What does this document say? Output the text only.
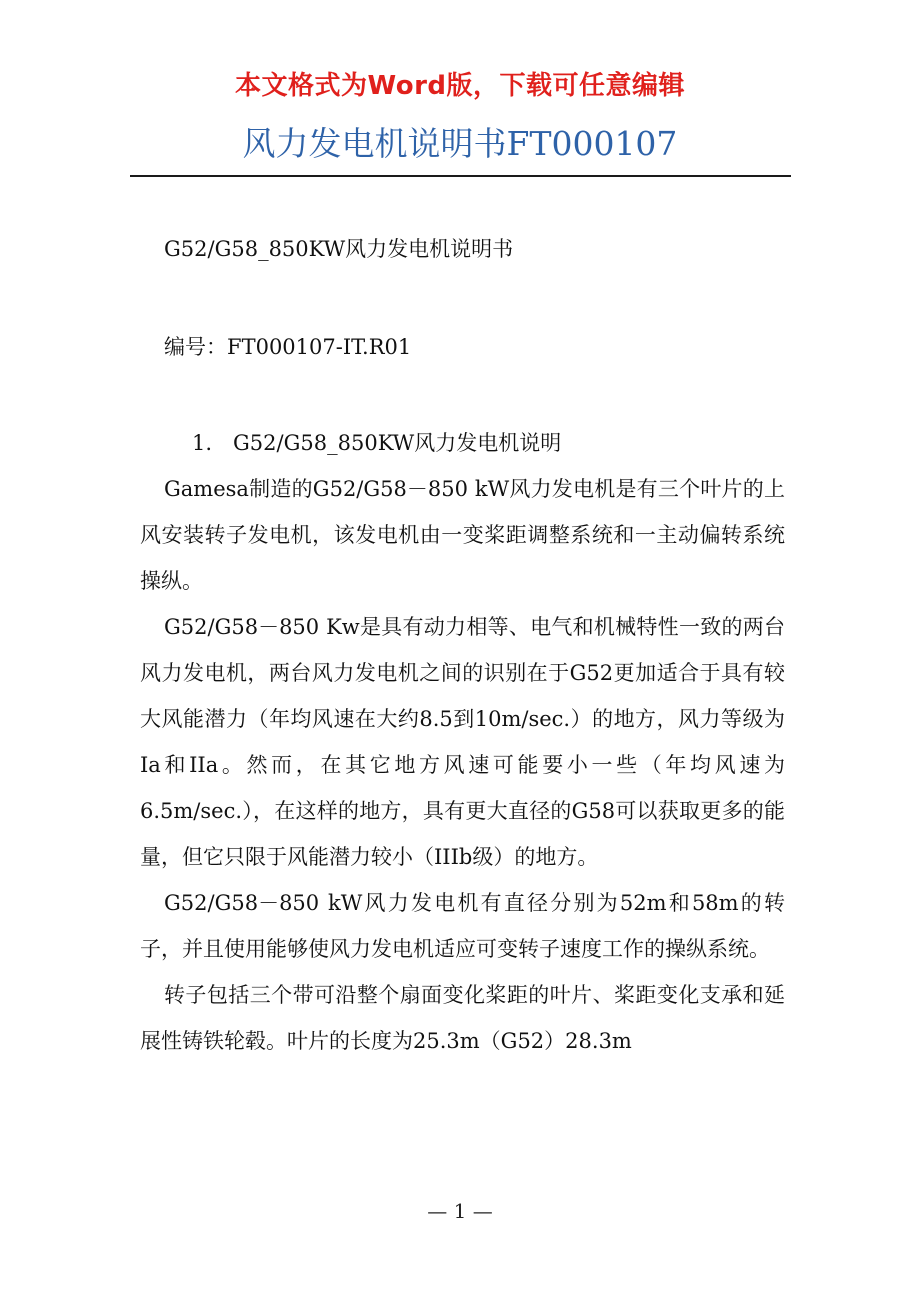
本文格式为Word版，下载可任意编辑
风力发电机说明书FT000107

G52/G58_850KW风力发电机说明书

编号：FT000107-IT.R01

1.　G52/G58_850KW风力发电机说明

Gamesa制造的G52/G58－850 kW风力发电机是有三个叶片的上风安装转子发电机，该发电机由一变桨距调整系统和一主动偏转系统操纵。

G52/G58－850 Kw是具有动力相等、电气和机械特性一致的两台风力发电机，两台风力发电机之间的识别在于G52更加适合于具有较大风能潜力（年均风速在大约8.5到10m/sec.）的地方，风力等级为Ia和IIa。然而，在其它地方风速可能要小一些（年均风速为6.5m/sec.），在这样的地方，具有更大直径的G58可以获取更多的能量，但它只限于风能潜力较小（IIIb级）的地方。

G52/G58－850 kW风力发电机有直径分别为52m和58m的转子，并且使用能够使风力发电机适应可变转子速度工作的操纵系统。

转子包括三个带可沿整个扇面变化桨距的叶片、桨距变化支承和延展性铸铁轮毂。叶片的长度为25.3m（G52）28.3m

— 1 —
